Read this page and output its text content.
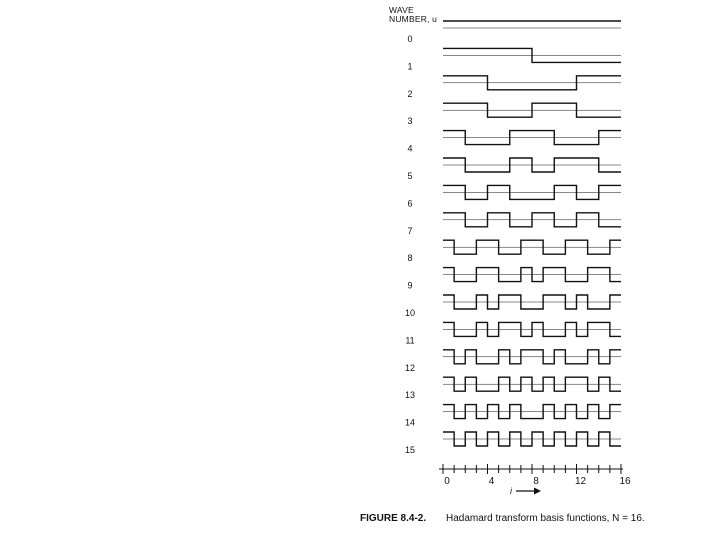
WAVE
NUMBER, u
0
1
2
3
4
5
6
7
8
9
10
11
12
13
14
15
0	4	8	12	16
i
FIGURE 8.4-2. Hadamard transform basis functions, N = 16.
